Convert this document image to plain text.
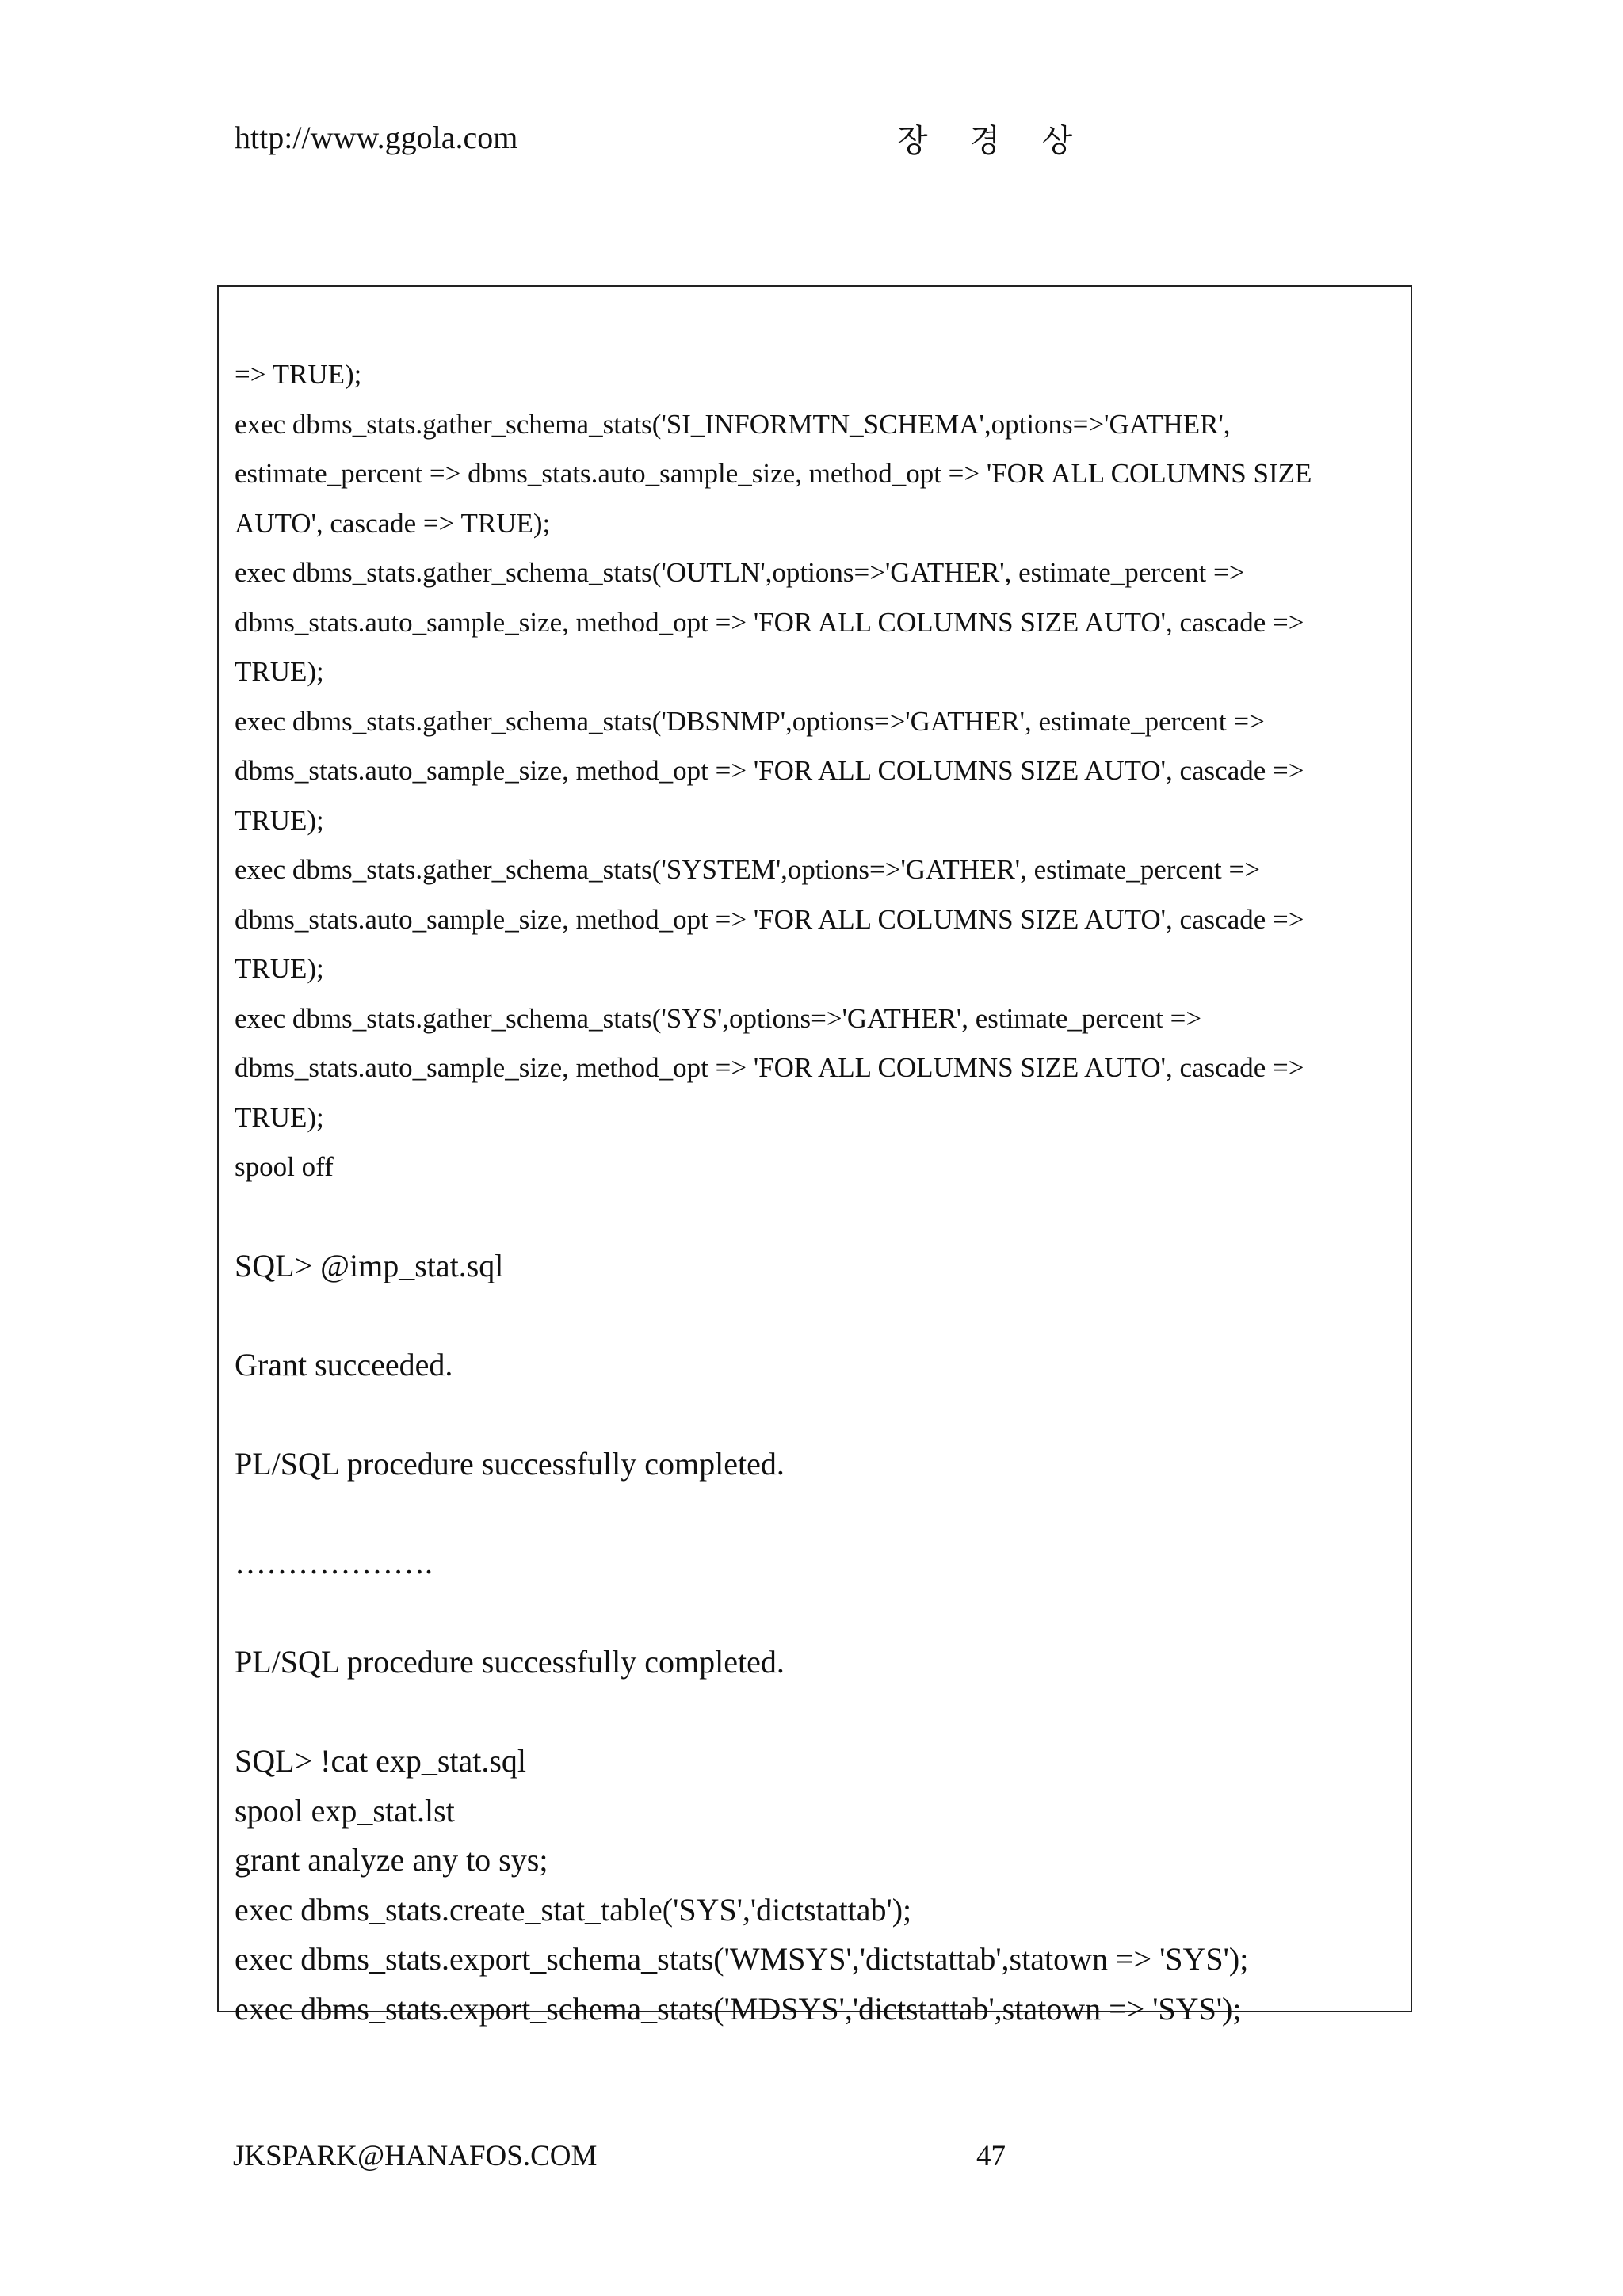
http://www.ggola.com	장 경 상
=> TRUE);
exec dbms_stats.gather_schema_stats('SI_INFORMTN_SCHEMA',options=>'GATHER',
estimate_percent => dbms_stats.auto_sample_size, method_opt => 'FOR ALL COLUMNS SIZE
AUTO', cascade => TRUE);
exec dbms_stats.gather_schema_stats('OUTLN',options=>'GATHER', estimate_percent =>
dbms_stats.auto_sample_size, method_opt => 'FOR ALL COLUMNS SIZE AUTO', cascade =>
TRUE);
exec dbms_stats.gather_schema_stats('DBSNMP',options=>'GATHER', estimate_percent =>
dbms_stats.auto_sample_size, method_opt => 'FOR ALL COLUMNS SIZE AUTO', cascade =>
TRUE);
exec dbms_stats.gather_schema_stats('SYSTEM',options=>'GATHER', estimate_percent =>
dbms_stats.auto_sample_size, method_opt => 'FOR ALL COLUMNS SIZE AUTO', cascade =>
TRUE);
exec dbms_stats.gather_schema_stats('SYS',options=>'GATHER', estimate_percent =>
dbms_stats.auto_sample_size, method_opt => 'FOR ALL COLUMNS SIZE AUTO', cascade =>
TRUE);
spool off
SQL> @imp_stat.sql
Grant succeeded.
PL/SQL procedure successfully completed.
……………….
PL/SQL procedure successfully completed.
SQL> !cat exp_stat.sql
spool exp_stat.lst
grant analyze any to sys;
exec dbms_stats.create_stat_table('SYS','dictstattab');
exec dbms_stats.export_schema_stats('WMSYS','dictstattab',statown => 'SYS');
exec dbms_stats.export_schema_stats('MDSYS','dictstattab',statown => 'SYS');
JKSPARK@HANAFOS.COM	47
